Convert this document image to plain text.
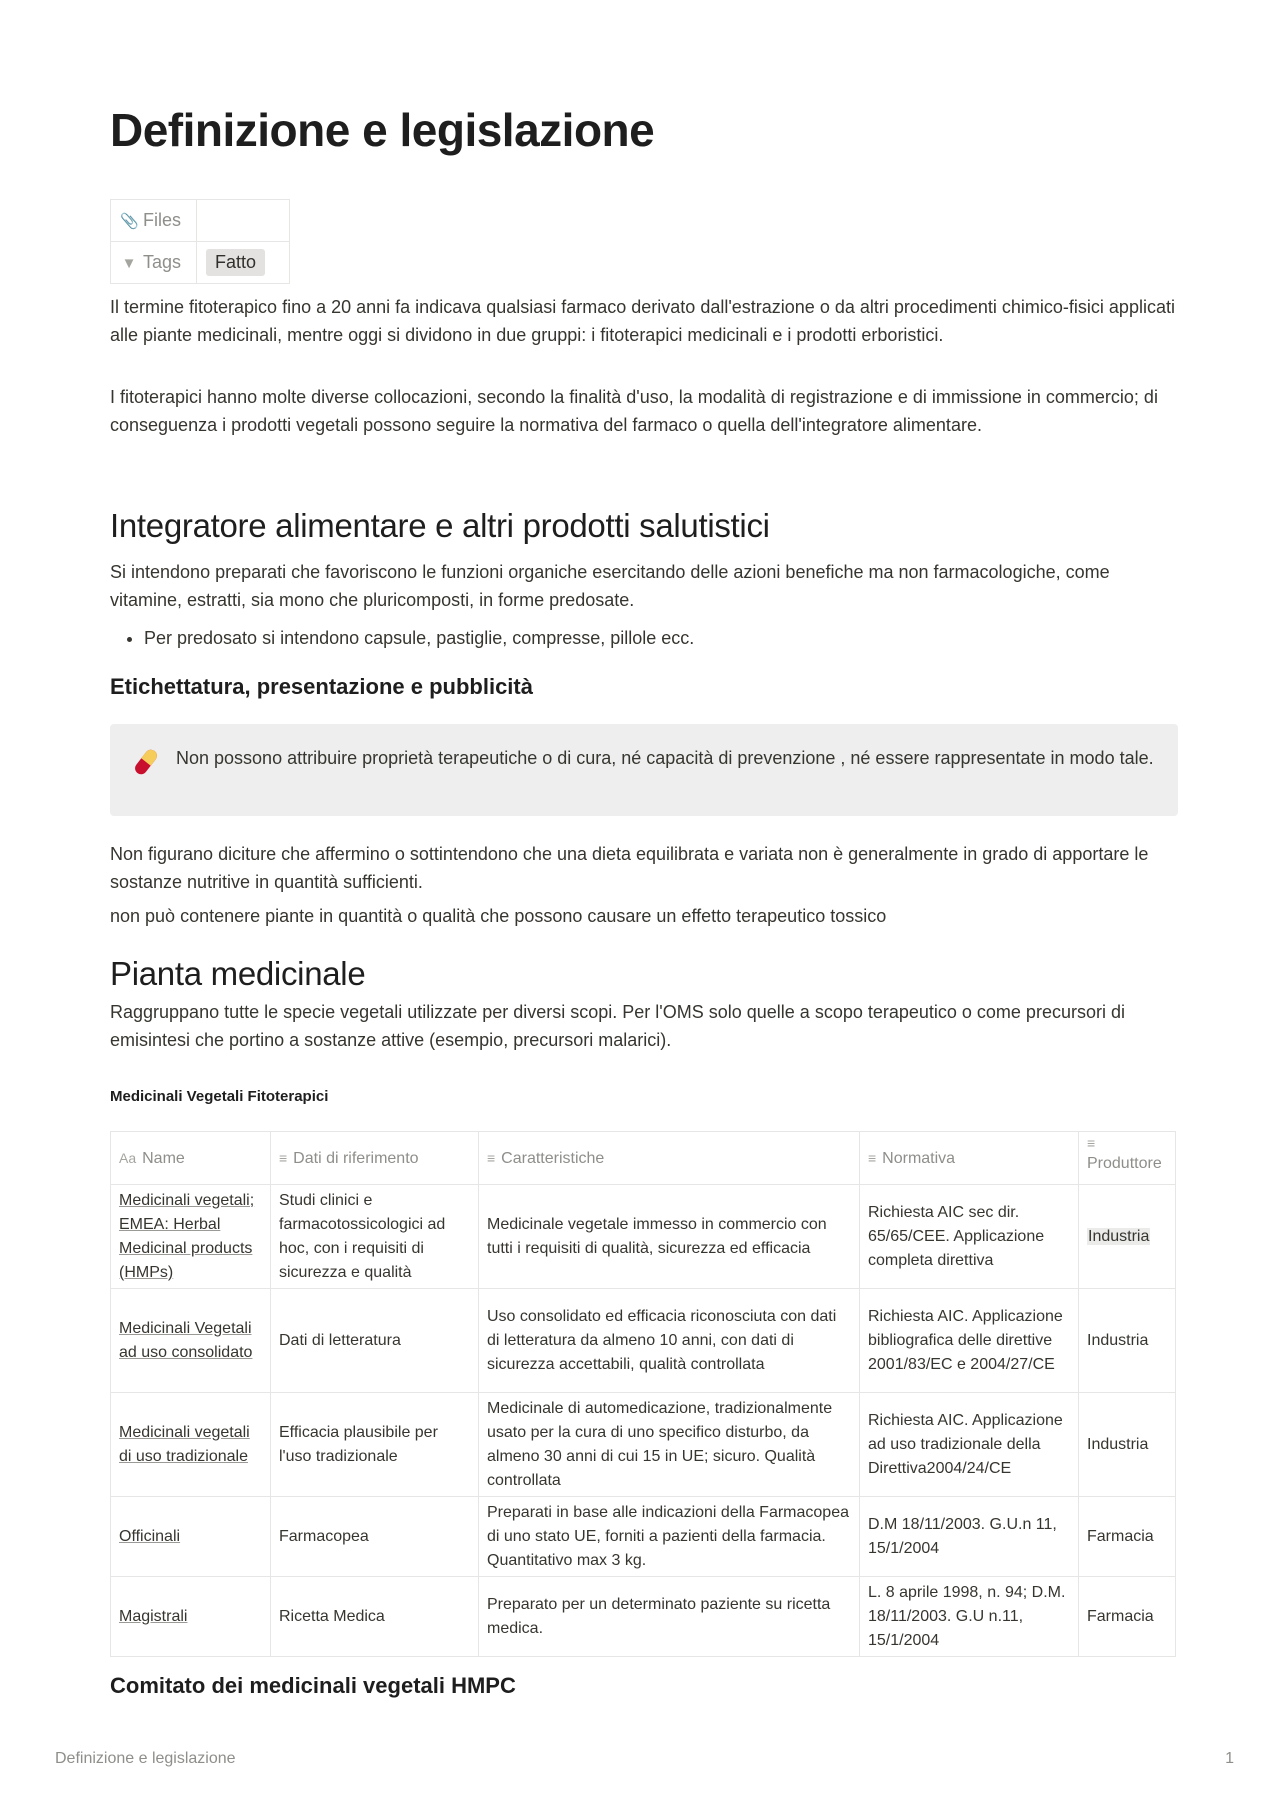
Definizione e legislazione
📎 Files	
▼ Tags	Fatto

Il termine fitoterapico fino a 20 anni fa indicava qualsiasi farmaco derivato dall'estrazione o da altri procedimenti chimico-fisici applicati alle piante medicinali, mentre oggi si dividono in due gruppi: i fitoterapici medicinali e i prodotti erboristici.

I fitoterapici hanno molte diverse collocazioni, secondo la finalità d'uso, la modalità di registrazione e di immissione in commercio; di conseguenza i prodotti vegetali possono seguire la normativa del farmaco o quella dell'integratore alimentare.

Integratore alimentare e altri prodotti salutistici

Si intendono preparati che favoriscono le funzioni organiche esercitando delle azioni benefiche ma non farmacologiche, come vitamine, estratti, sia mono che pluricomposti, in forme predosate.

• Per predosato si intendono capsule, pastiglie, compresse, pillole ecc.
Etichettatura, presentazione e pubblicità
Non possono attribuire proprietà terapeutiche o di cura, né capacità di prevenzione , né essere rappresentate in modo tale.

Non figurano diciture che affermino o sottintendono che una dieta equilibrata e variata non è generalmente in grado di apportare le sostanze nutritive in quantità sufficienti.

non può contenere piante in quantità o qualità che possono causare un effetto terapeutico tossico

Pianta medicinale

Raggruppano tutte le specie vegetali utilizzate per diversi scopi. Per l'OMS solo quelle a scopo terapeutico o come precursori di emisintesi che portino a sostanze attive (esempio, precursori malarici).

Medicinali Vegetali Fitoterapici

Aa Name	≡ Dati di riferimento	≡ Caratteristiche	≡ Normativa	≡
Produttore
Medicinali vegetali; EMEA: Herbal Medicinal products (HMPs)	Studi clinici e farmacotossicologici ad hoc, con i requisiti di sicurezza e qualità	Medicinale vegetale immesso in commercio con tutti i requisiti di qualità, sicurezza ed efficacia	Richiesta AIC sec dir. 65/65/CEE. Applicazione completa direttiva	Industria
Medicinali Vegetali ad uso consolidato	Dati di letteratura	Uso consolidato ed efficacia riconosciuta con dati di letteratura da almeno 10 anni, con dati di sicurezza accettabili, qualità controllata	Richiesta AIC. Applicazione bibliografica delle direttive 2001/83/EC e 2004/27/CE	Industria
Medicinali vegetali di uso tradizionale	Efficacia plausibile per l'uso tradizionale	Medicinale di automedicazione, tradizionalmente usato per la cura di uno specifico disturbo, da almeno 30 anni di cui 15 in UE; sicuro. Qualità controllata	Richiesta AIC. Applicazione ad uso tradizionale della Direttiva2004/24/CE	Industria
Officinali	Farmacopea	Preparati in base alle indicazioni della Farmacopea di uno stato UE, forniti a pazienti della farmacia. Quantitativo max 3 kg.	D.M 18/11/2003. G.U.n 11, 15/1/2004	Farmacia
Magistrali	Ricetta Medica	Preparato per un determinato paziente su ricetta medica.	L. 8 aprile 1998, n. 94; D.M. 18/11/2003. G.U n.11, 15/1/2004	Farmacia
Comitato dei medicinali vegetali HMPC
Definizione e legislazione	1
